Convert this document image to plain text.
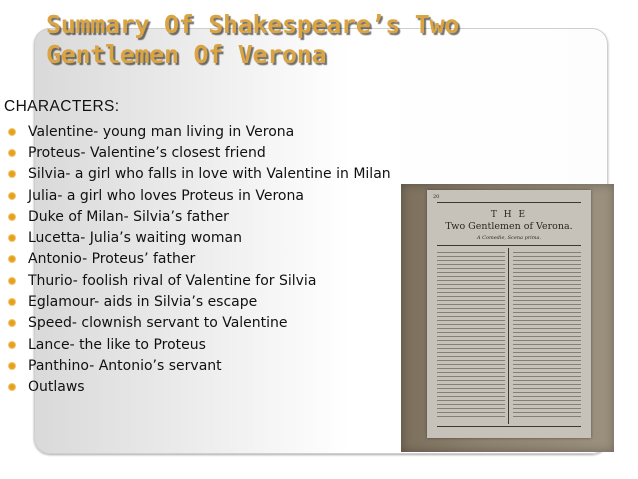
Summary Of Shakespeare’s Two
Gentlemen Of Verona
CHARACTERS:
Valentine- young man living in Verona
Proteus- Valentine’s closest friend
Silvia- a girl who falls in love with Valentine in Milan
Julia- a girl who loves Proteus in Verona
Duke of Milan- Silvia’s father
Lucetta- Julia’s waiting woman
Antonio- Proteus’ father
Thurio- foolish rival of Valentine for Silvia
Eglamour- aids in Silvia’s escape
Speed- clownish servant to Valentine
Lance- the like to Proteus
Panthino- Antonio’s servant
Outlaws
20
T H E
Two Gentlemen of Verona.
A Comedie, Scena prima.
